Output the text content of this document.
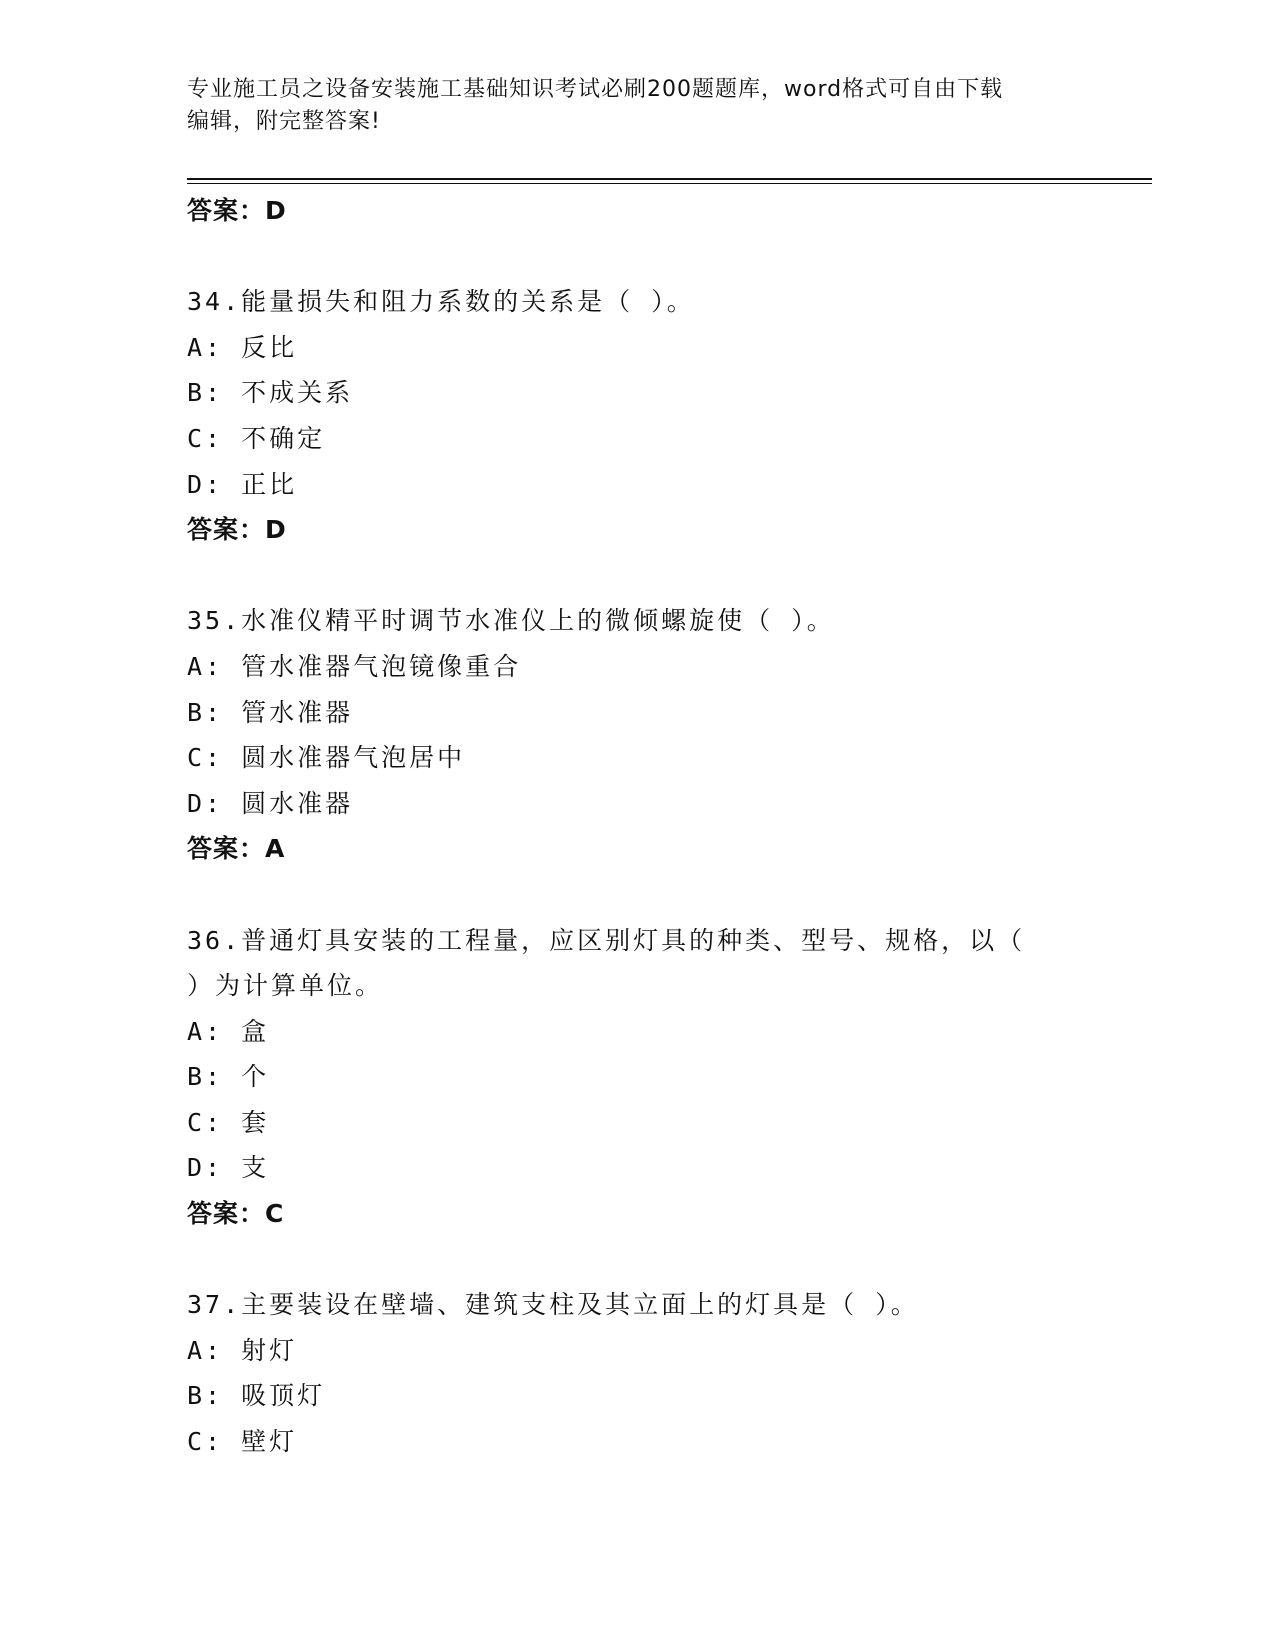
专业施工员之设备安装施工基础知识考试必刷200题题库，word格式可自由下载
编辑，附完整答案!
答案：D
34.能量损失和阻力系数的关系是（ ）。
A: 反比
B: 不成关系
C: 不确定
D: 正比
答案：D
35.水准仪精平时调节水准仪上的微倾螺旋使（ ）。
A: 管水准器气泡镜像重合
B: 管水准器
C: 圆水准器气泡居中
D: 圆水准器
答案：A
36.普通灯具安装的工程量，应区别灯具的种类、型号、规格，以（
）为计算单位。
A: 盒
B: 个
C: 套
D: 支
答案：C
37.主要装设在壁墙、建筑支柱及其立面上的灯具是（ ）。
A: 射灯
B: 吸顶灯
C: 壁灯
